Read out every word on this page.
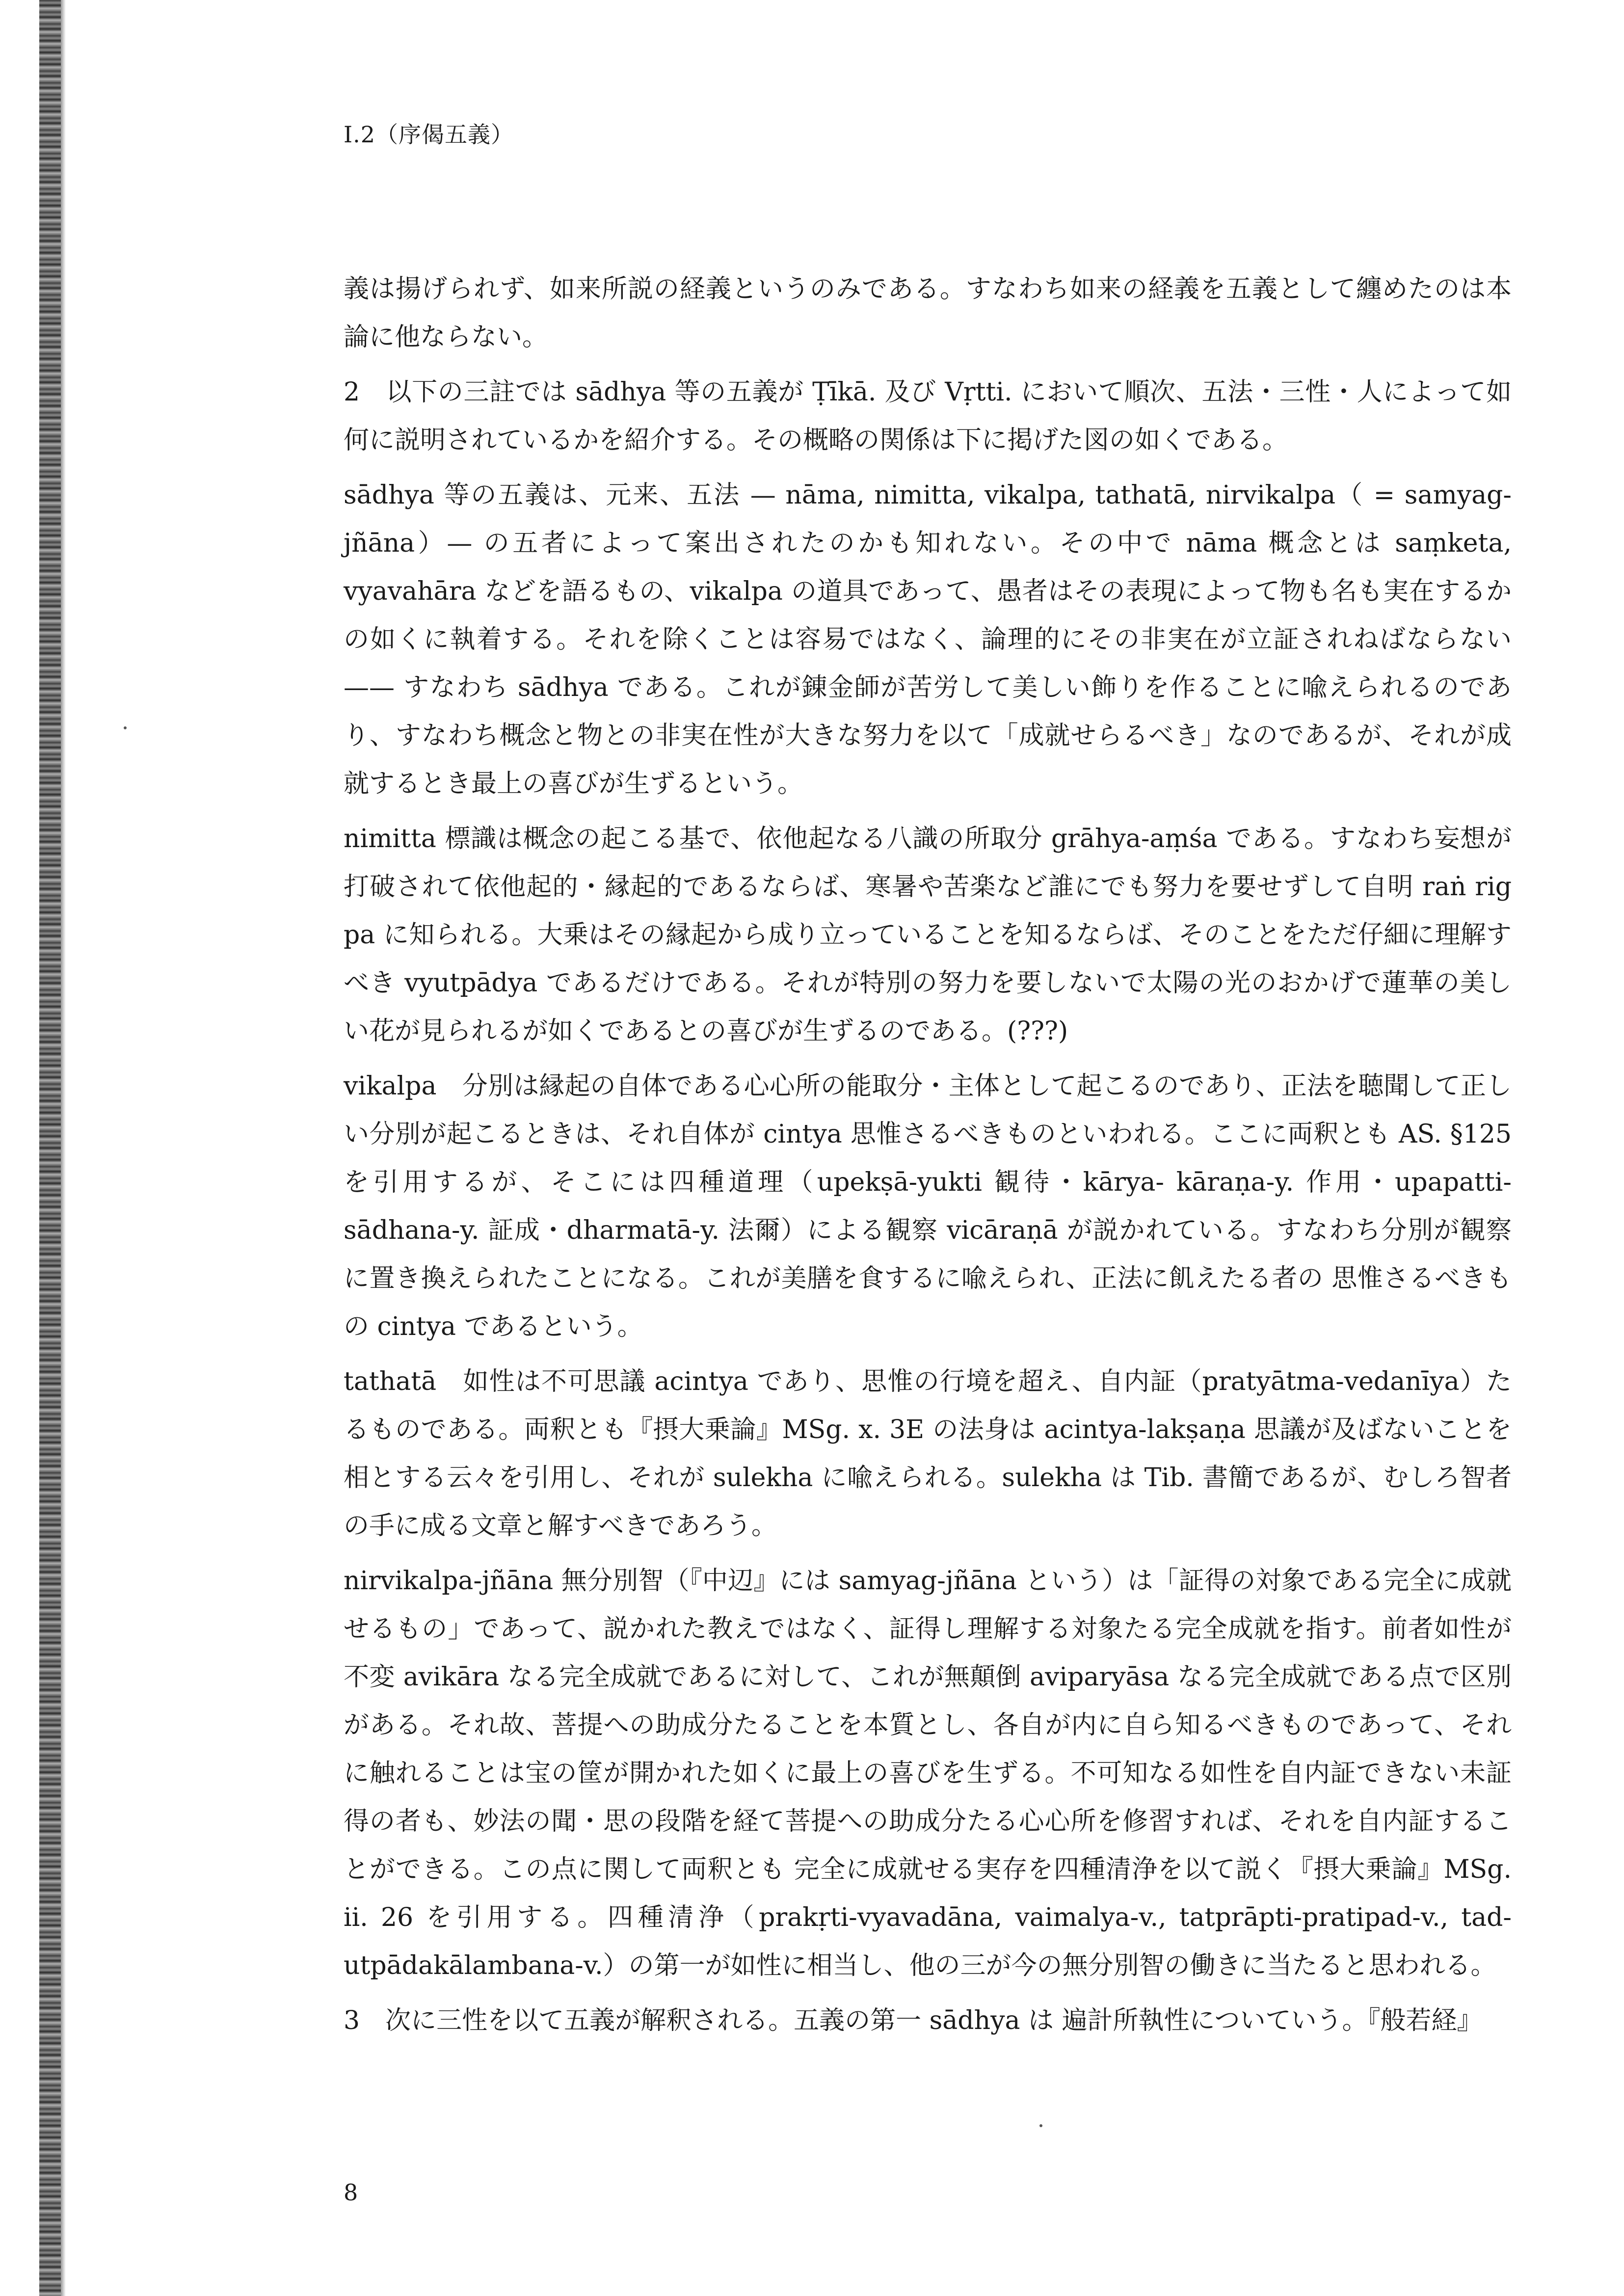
I.2（序偈五義）

義は揚げられず、如来所説の経義というのみである。すなわち如来の経義を五義として纏めたのは本論に他ならない。

2　以下の三註では sādhya 等の五義が Ṭīkā. 及び Vṛtti. において順次、五法・三性・人によって如何に説明されているかを紹介する。その概略の関係は下に掲げた図の如くである。

sādhya 等の五義は、元来、五法 — nāma, nimitta, vikalpa, tathatā, nirvikalpa（ = samyag-jñāna）— の五者によって案出されたのかも知れない。その中で nāma 概念とは saṃketa, vyavahāra などを語るもの、vikalpa の道具であって、愚者はその表現によって物も名も実在するかの如くに執着する。それを除くことは容易ではなく、論理的にその非実在が立証されねばならない —— すなわち sādhya である。これが錬金師が苦労して美しい飾りを作ることに喩えられるのであり、すなわち概念と物との非実在性が大きな努力を以て「成就せらるべき」なのであるが、それが成就するとき最上の喜びが生ずるという。

nimitta 標識は概念の起こる基で、依他起なる八識の所取分 grāhya-aṃśa である。すなわち妄想が打破されて依他起的・縁起的であるならば、寒暑や苦楽など誰にでも努力を要せずして自明 raṅ rig pa に知られる。大乗はその縁起から成り立っていることを知るならば、そのことをただ仔細に理解すべき vyutpādya であるだけである。それが特別の努力を要しないで太陽の光のおかげで蓮華の美しい花が見られるが如くであるとの喜びが生ずるのである。(???)

vikalpa　分別は縁起の自体である心心所の能取分・主体として起こるのであり、正法を聴聞して正しい分別が起こるときは、それ自体が cintya 思惟さるべきものといわれる。ここに両釈とも AS. §125 を引用するが、そこには四種道理（upekṣā-yukti 観待・kārya- kāraṇa-y. 作用・upapatti-sādhana-y. 証成・dharmatā-y. 法爾）による観察 vicāraṇā が説かれている。すなわち分別が観察に置き換えられたことになる。これが美膳を食するに喩えられ、正法に飢えたる者の 思惟さるべきもの cintya であるという。

tathatā　如性は不可思議 acintya であり、思惟の行境を超え、自内証（pratyātma-vedanīya）たるものである。両釈とも『摂大乗論』MSg. x. 3E の法身は acintya-lakṣaṇa 思議が及ばないことを相とする云々を引用し、それが sulekha に喩えられる。sulekha は Tib. 書簡であるが、むしろ智者の手に成る文章と解すべきであろう。

nirvikalpa-jñāna 無分別智（『中辺』には samyag-jñāna という）は「証得の対象である完全に成就せるもの」であって、説かれた教えではなく、証得し理解する対象たる完全成就を指す。前者如性が不変 avikāra なる完全成就であるに対して、これが無顛倒 aviparyāsa なる完全成就である点で区別がある。それ故、菩提への助成分たることを本質とし、各自が内に自ら知るべきものであって、それに触れることは宝の筐が開かれた如くに最上の喜びを生ずる。不可知なる如性を自内証できない未証得の者も、妙法の聞・思の段階を経て菩提への助成分たる心心所を修習すれば、それを自内証することができる。この点に関して両釈とも 完全に成就せる実存を四種清浄を以て説く『摂大乗論』MSg. ii. 26 を引用する。四種清浄（prakṛti-vyavadāna, vaimalya-v., tatprāpti-pratipad-v., tad-utpādakālambana-v.）の第一が如性に相当し、他の三が今の無分別智の働きに当たると思われる。

3　次に三性を以て五義が解釈される。五義の第一 sādhya は 遍計所執性についていう。『般若経』

8
